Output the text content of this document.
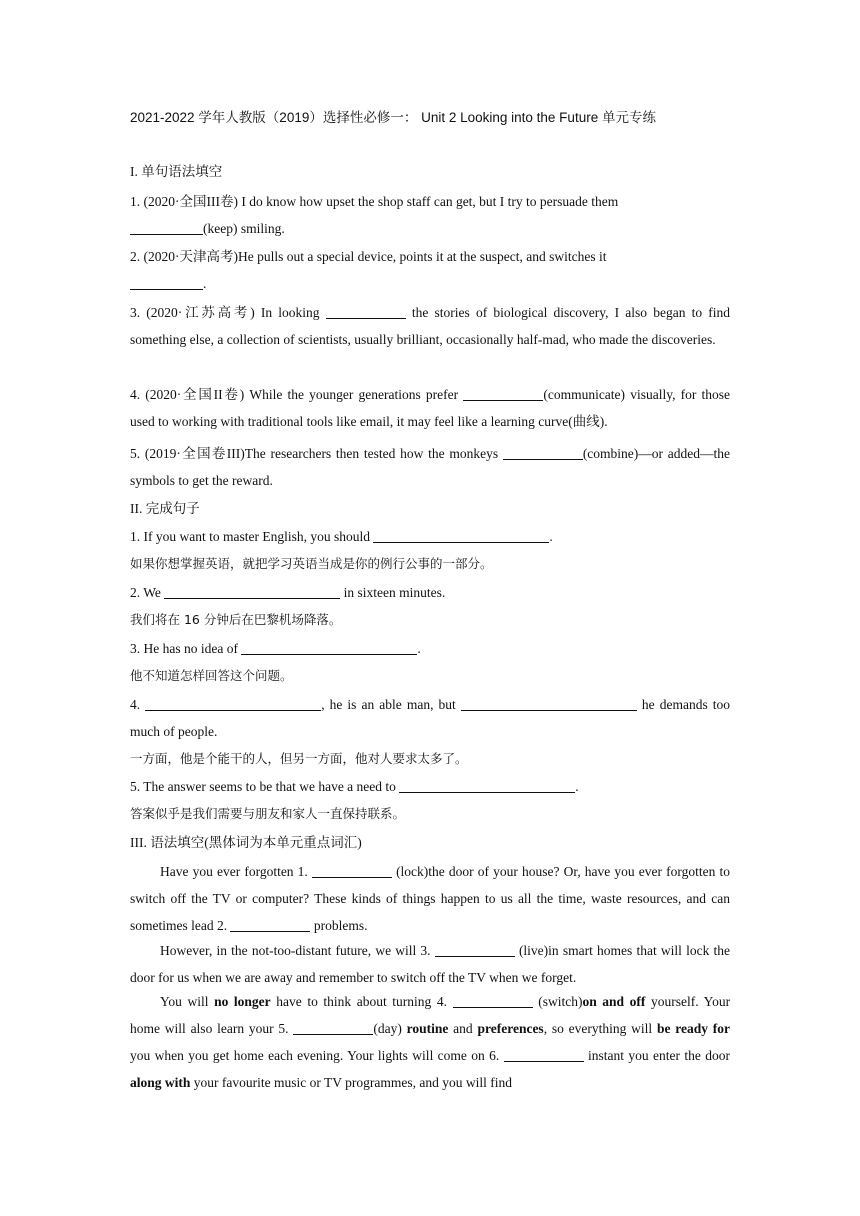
2021-2022 学年人教版（2019）选择性必修一： Unit 2 Looking into the Future 单元专练
I. 单句语法填空
1. (2020·全国III卷) I do know how upset the shop staff can get, but I try to persuade them
(keep) smiling.
2. (2020·天津高考)He pulls out a special device, points it at the suspect, and switches it
.
3. (2020·江苏高考) In looking	the stories of biological discovery, I also began to find something else, a collection of scientists, usually brilliant, occasionally half-mad, who made the discoveries.
4. (2020·全国II卷) While the younger generations prefer	(communicate) visually, for those used to working with traditional tools like email, it may feel like a learning curve(曲线).
5. (2019·全国卷III)The researchers then tested how the monkeys	(combine)—or added—the symbols to get the reward.
II. 完成句子
1. If you want to master English, you should	.
如果你想掌握英语，就把学习英语当成是你的例行公事的一部分。
2. We	in sixteen minutes.
我们将在 16 分钟后在巴黎机场降落。
3. He has no idea of	.
他不知道怎样回答这个问题。
4.	, he is an able man, but	he demands too much of people.
一方面，他是个能干的人，但另一方面，他对人要求太多了。
5. The answer seems to be that we have a need to	.
答案似乎是我们需要与朋友和家人一直保持联系。
III. 语法填空(黑体词为本单元重点词汇)
Have you ever forgotten 1.	(lock)the door of your house? Or, have you ever forgotten to switch off the TV or computer? These kinds of things happen to us all the time, waste resources, and can sometimes lead 2.	problems.
However, in the not-too-distant future, we will 3.	(live)in smart homes that will lock the door for us when we are away and remember to switch off the TV when we forget.
You will no longer have to think about turning 4.	(switch)on and off yourself. Your home will also learn your 5.	(day) routine and preferences, so everything will be ready for you when you get home each evening. Your lights will come on 6.	instant you enter the door along with your favourite music or TV programmes, and you will find
